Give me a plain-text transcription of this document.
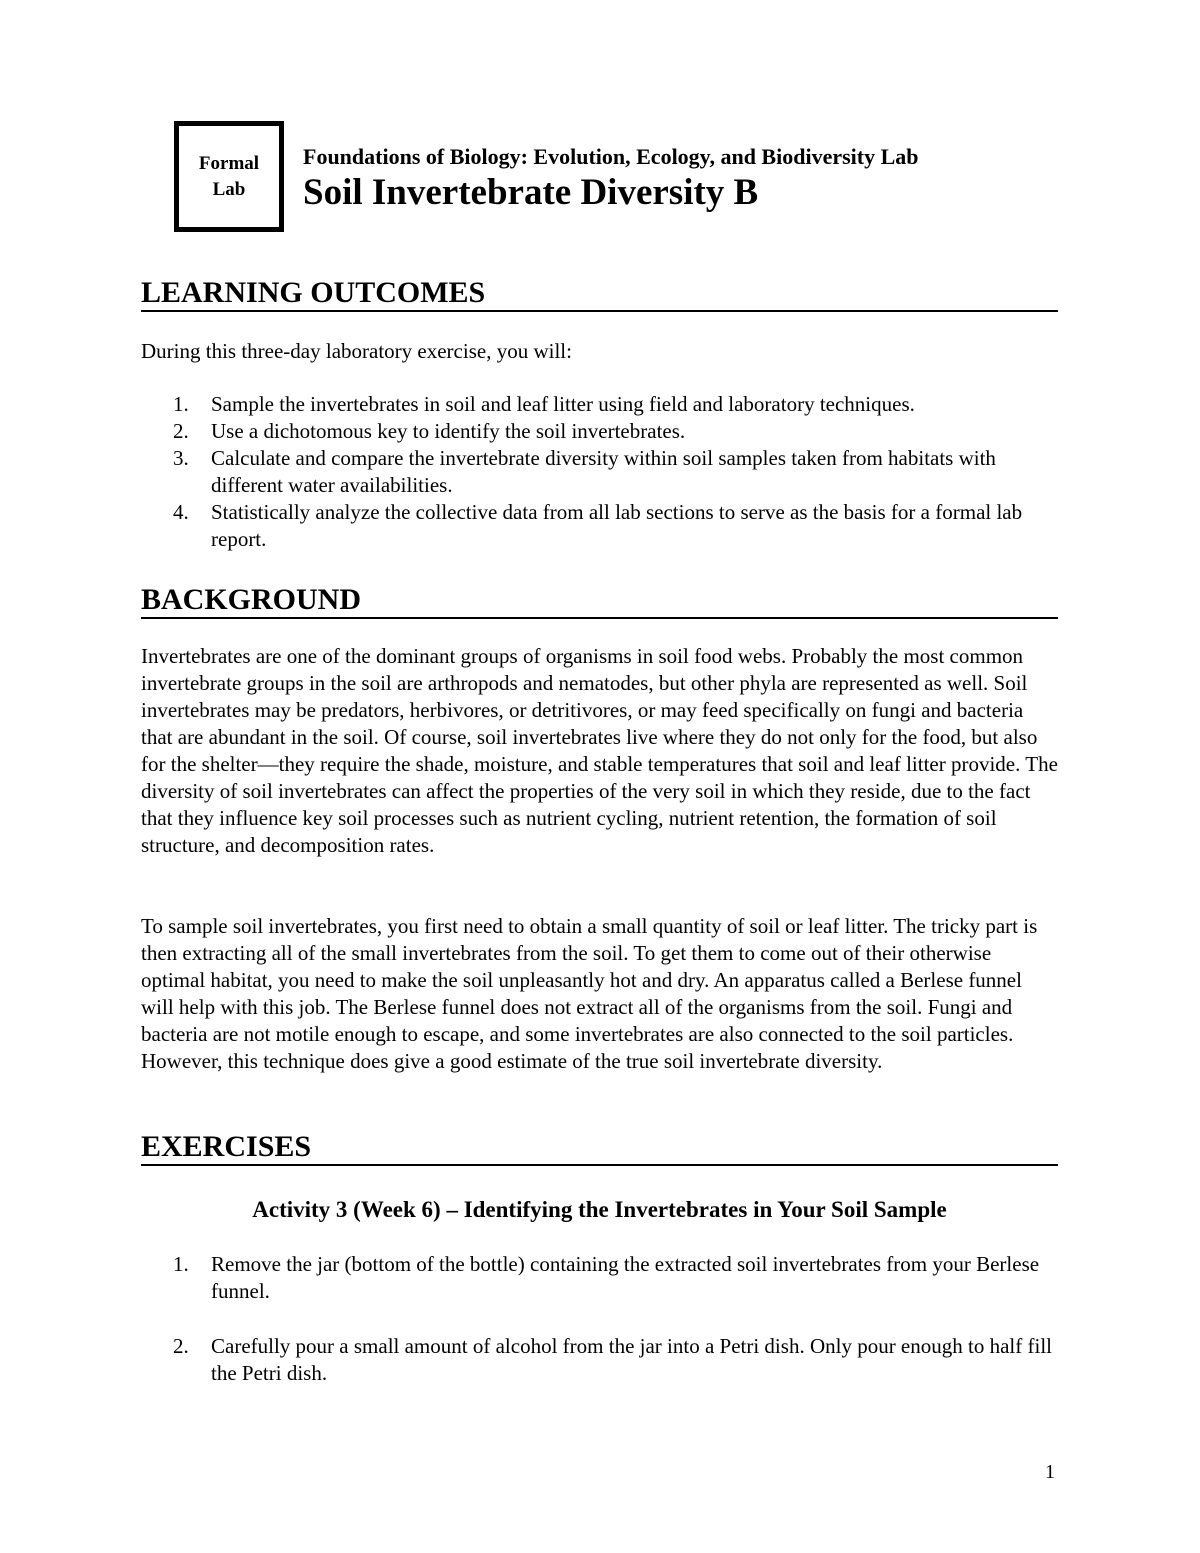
Formal
Lab
Foundations of Biology: Evolution, Ecology, and Biodiversity Lab
Soil Invertebrate Diversity B
LEARNING OUTCOMES
During this three-day laboratory exercise, you will:
1. Sample the invertebrates in soil and leaf litter using field and laboratory techniques.
2. Use a dichotomous key to identify the soil invertebrates.
3. Calculate and compare the invertebrate diversity within soil samples taken from habitats with different water availabilities.
4. Statistically analyze the collective data from all lab sections to serve as the basis for a formal lab report.
BACKGROUND
Invertebrates are one of the dominant groups of organisms in soil food webs. Probably the most common invertebrate groups in the soil are arthropods and nematodes, but other phyla are represented as well. Soil invertebrates may be predators, herbivores, or detritivores, or may feed specifically on fungi and bacteria that are abundant in the soil. Of course, soil invertebrates live where they do not only for the food, but also for the shelter—they require the shade, moisture, and stable temperatures that soil and leaf litter provide. The diversity of soil invertebrates can affect the properties of the very soil in which they reside, due to the fact that they influence key soil processes such as nutrient cycling, nutrient retention, the formation of soil structure, and decomposition rates.
To sample soil invertebrates, you first need to obtain a small quantity of soil or leaf litter. The tricky part is then extracting all of the small invertebrates from the soil. To get them to come out of their otherwise optimal habitat, you need to make the soil unpleasantly hot and dry. An apparatus called a Berlese funnel will help with this job. The Berlese funnel does not extract all of the organisms from the soil. Fungi and bacteria are not motile enough to escape, and some invertebrates are also connected to the soil particles. However, this technique does give a good estimate of the true soil invertebrate diversity.
EXERCISES
Activity 3 (Week 6) – Identifying the Invertebrates in Your Soil Sample
1. Remove the jar (bottom of the bottle) containing the extracted soil invertebrates from your Berlese funnel.
2. Carefully pour a small amount of alcohol from the jar into a Petri dish. Only pour enough to half fill the Petri dish.
1
